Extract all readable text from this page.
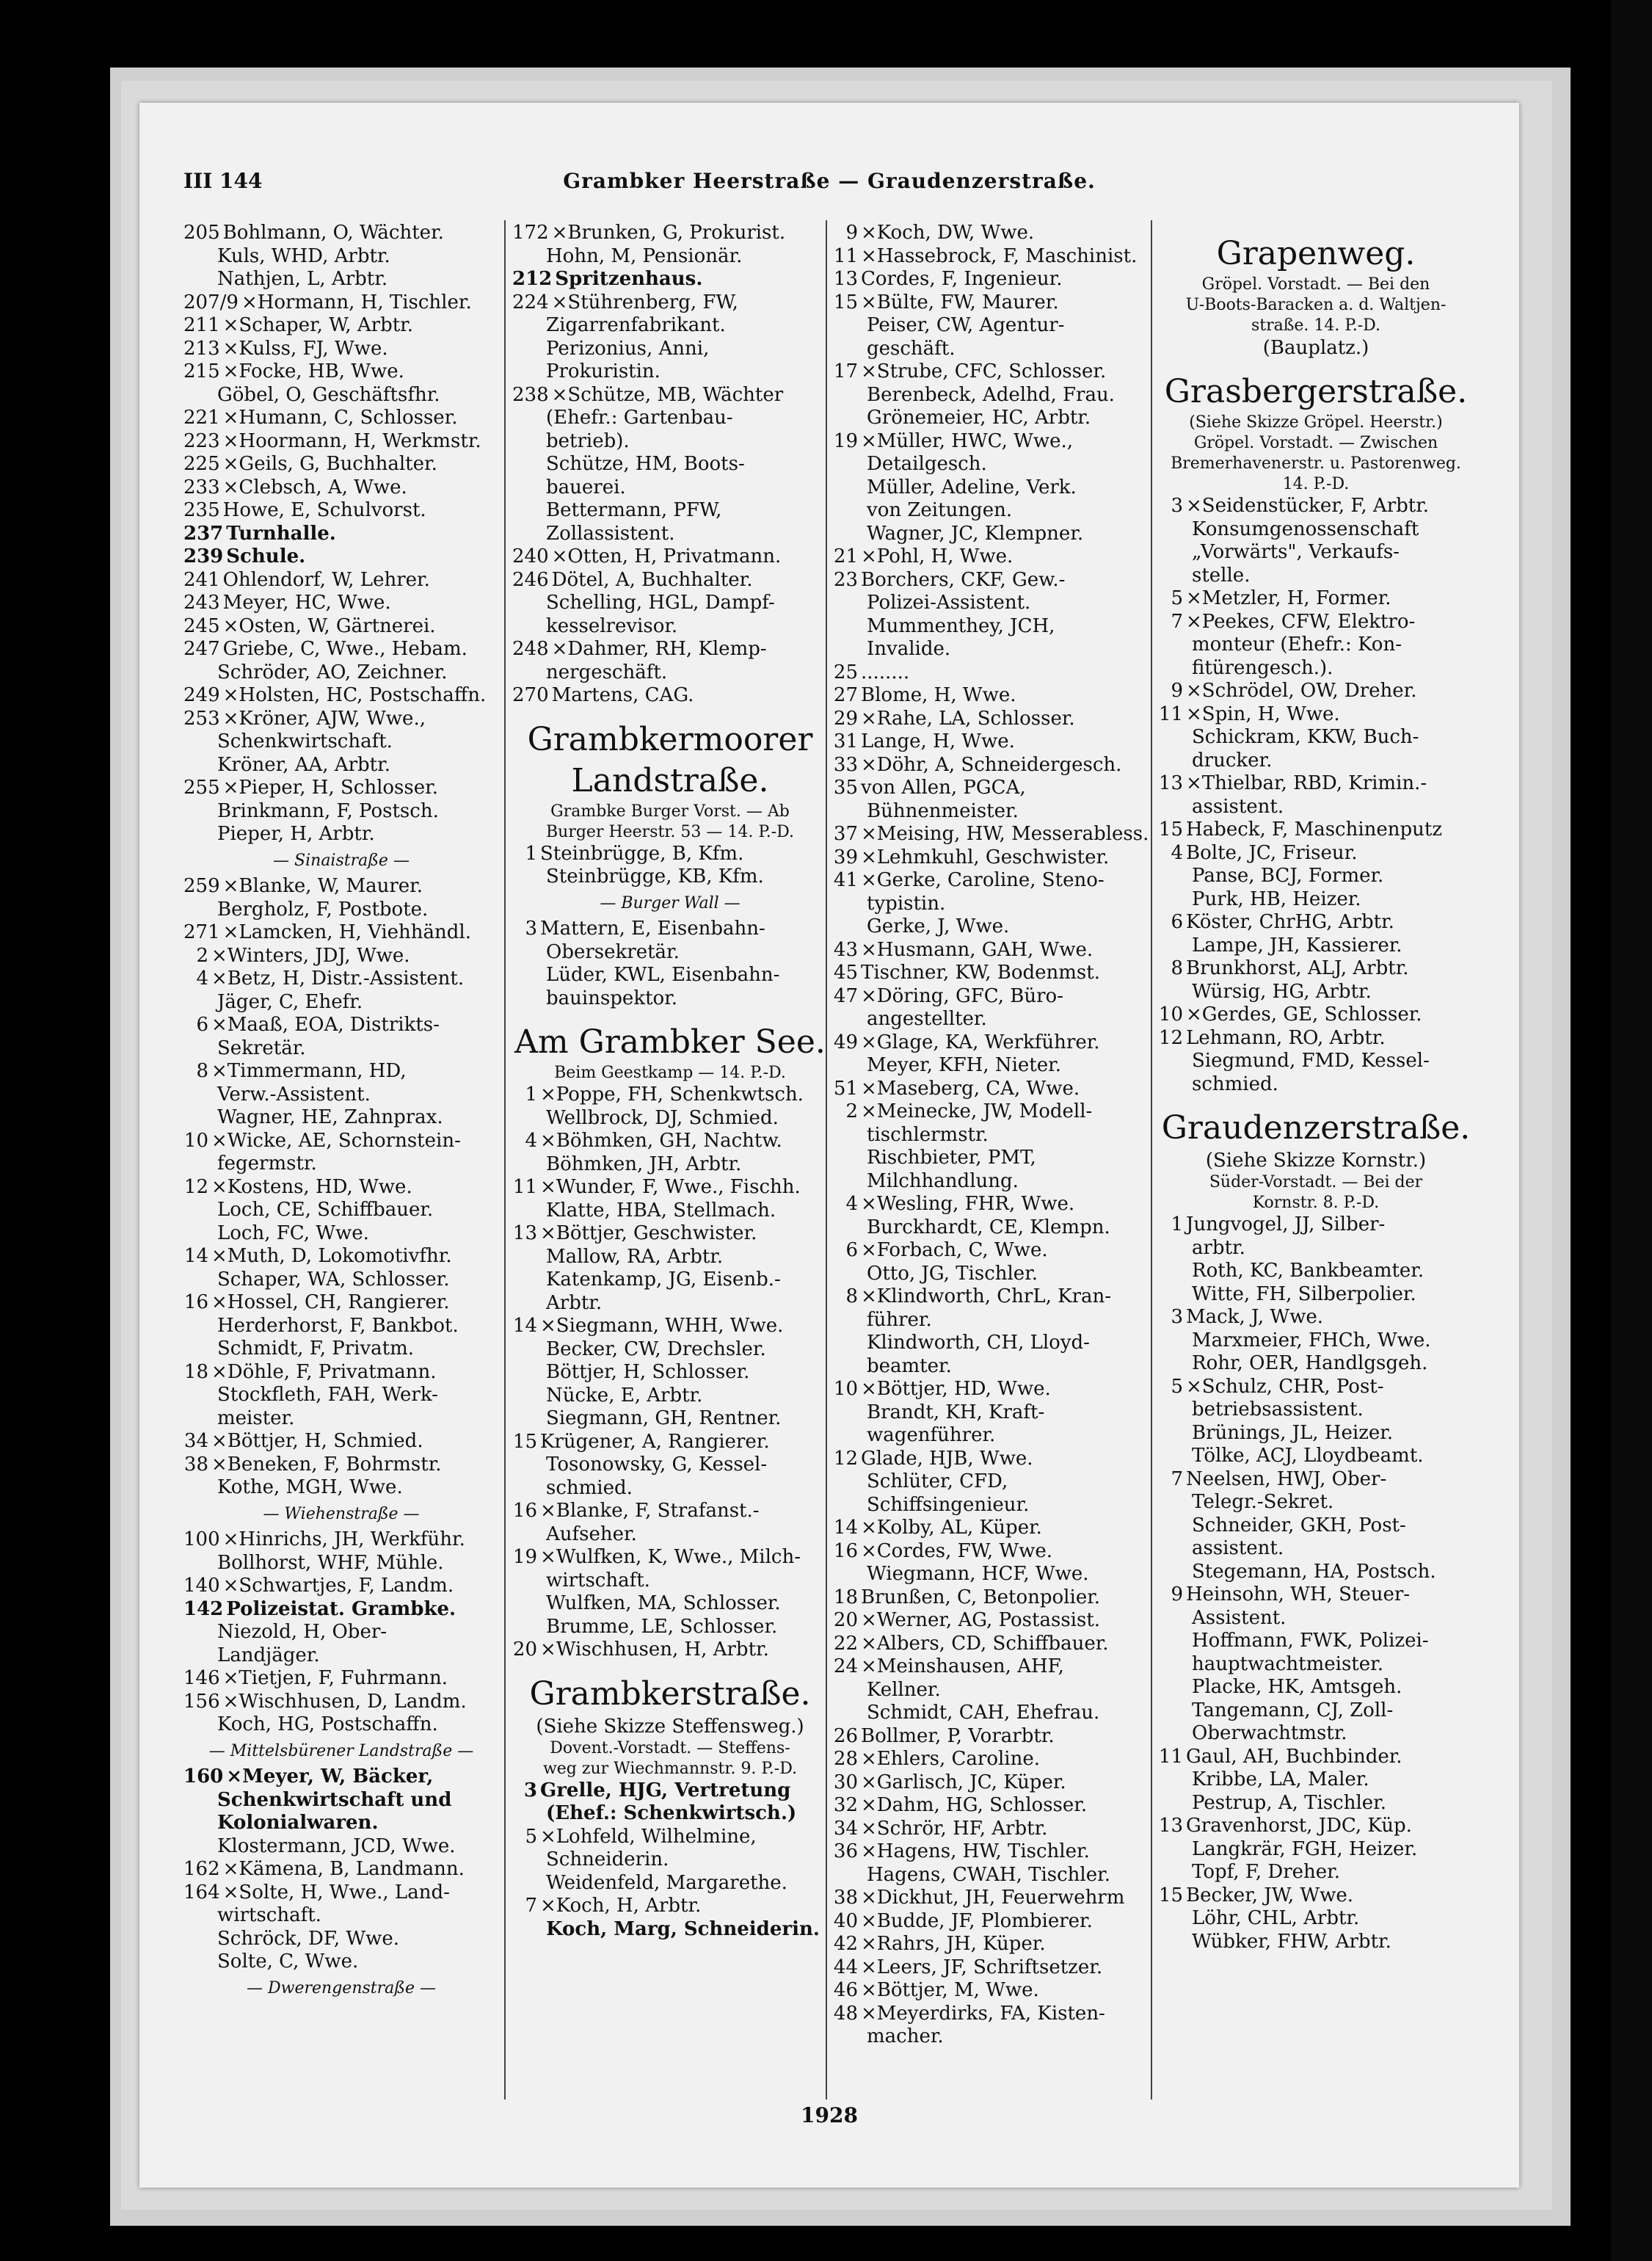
III 144	Grambker Heerstraße — Graudenzerstraße.
205 Bohlmann, O, Wächter.
Kuls, WHD, Arbtr.
Nathjen, L, Arbtr.
207/9 ×Hormann, H, Tischler.
211 ×Schaper, W, Arbtr.
213 ×Kulss, FJ, Wwe.
215 ×Focke, HB, Wwe.
Göbel, O, Geschäftsfhr.
221 ×Humann, C, Schlosser.
223 ×Hoormann, H, Werkmstr.
225 ×Geils, G, Buchhalter.
233 ×Clebsch, A, Wwe.
235 Howe, E, Schulvorst.
237 Turnhalle.
239 Schule.
241 Ohlendorf, W, Lehrer.
243 Meyer, HC, Wwe.
245 ×Osten, W, Gärtnerei.
247 Griebe, C, Wwe., Hebam.
Schröder, AO, Zeichner.
249 ×Holsten, HC, Postschaffn.
253 ×Kröner, AJW, Wwe.,
Schenkwirtschaft.
Kröner, AA, Arbtr.
255 ×Pieper, H, Schlosser.
Brinkmann, F, Postsch.
Pieper, H, Arbtr.
— Sinaistraße —
259 ×Blanke, W, Maurer.
Bergholz, F, Postbote.
271 ×Lamcken, H, Viehhändl.
2 ×Winters, JDJ, Wwe.
4 ×Betz, H, Distr.-Assistent.
Jäger, C, Ehefr.
6 ×Maaß, EOA, Distrikts-
Sekretär.
8 ×Timmermann, HD,
Verw.-Assistent.
Wagner, HE, Zahnprax.
10 ×Wicke, AE, Schornstein-
fegermstr.
12 ×Kostens, HD, Wwe.
Loch, CE, Schiffbauer.
Loch, FC, Wwe.
14 ×Muth, D, Lokomotivfhr.
Schaper, WA, Schlosser.
16 ×Hossel, CH, Rangierer.
Herderhorst, F, Bankbot.
Schmidt, F, Privatm.
18 ×Döhle, F, Privatmann.
Stockfleth, FAH, Werk-
meister.
34 ×Böttjer, H, Schmied.
38 ×Beneken, F, Bohrmstr.
Kothe, MGH, Wwe.
— Wiehenstraße —
100 ×Hinrichs, JH, Werkführ.
Bollhorst, WHF, Mühle.
140 ×Schwartjes, F, Landm.
142 Polizeistat. Grambke.
Niezold, H, Ober-
Landjäger.
146 ×Tietjen, F, Fuhrmann.
156 ×Wischhusen, D, Landm.
Koch, HG, Postschaffn.
— Mittelsbürener Landstraße —
160 ×Meyer, W, Bäcker,
Schenkwirtschaft und
Kolonialwaren.
Klostermann, JCD, Wwe.
162 ×Kämena, B, Landmann.
164 ×Solte, H, Wwe., Land-
wirtschaft.
Schröck, DF, Wwe.
Solte, C, Wwe.
— Dwerengenstraße —
172 ×Brunken, G, Prokurist.
Hohn, M, Pensionär.
212 Spritzenhaus.
224 ×Stührenberg, FW,
Zigarrenfabrikant.
Perizonius, Anni,
Prokuristin.
238 ×Schütze, MB, Wächter
(Ehefr.: Gartenbau-
betrieb).
Schütze, HM, Boots-
bauerei.
Bettermann, PFW,
Zollassistent.
240 ×Otten, H, Privatmann.
246 Dötel, A, Buchhalter.
Schelling, HGL, Dampf-
kesselrevisor.
248 ×Dahmer, RH, Klemp-
nergeschäft.
270 Martens, CAG.
Grambkermoorer
Landstraße.
Grambke Burger Vorst. — Ab
Burger Heerstr. 53 — 14. P.-D.
1 Steinbrügge, B, Kfm.
Steinbrügge, KB, Kfm.
— Burger Wall —
3 Mattern, E, Eisenbahn-
Obersekretär.
Lüder, KWL, Eisenbahn-
bauinspektor.
Am Grambker See.
Beim Geestkamp — 14. P.-D.
1 ×Poppe, FH, Schenkwtsch.
Wellbrock, DJ, Schmied.
4 ×Böhmken, GH, Nachtw.
Böhmken, JH, Arbtr.
11 ×Wunder, F, Wwe., Fischh.
Klatte, HBA, Stellmach.
13 ×Böttjer, Geschwister.
Mallow, RA, Arbtr.
Katenkamp, JG, Eisenb.-
Arbtr.
14 ×Siegmann, WHH, Wwe.
Becker, CW, Drechsler.
Böttjer, H, Schlosser.
Nücke, E, Arbtr.
Siegmann, GH, Rentner.
15 Krügener, A, Rangierer.
Tosonowsky, G, Kessel-
schmied.
16 ×Blanke, F, Strafanst.-
Aufseher.
19 ×Wulfken, K, Wwe., Milch-
wirtschaft.
Wulfken, MA, Schlosser.
Brumme, LE, Schlosser.
20 ×Wischhusen, H, Arbtr.
Grambkerstraße.
(Siehe Skizze Steffensweg.)
Dovent.-Vorstadt. — Steffens-
weg zur Wiechmannstr. 9. P.-D.
3 Grelle, HJG, Vertretung
(Ehef.: Schenkwirtsch.)
5 ×Lohfeld, Wilhelmine,
Schneiderin.
Weidenfeld, Margarethe.
7 ×Koch, H, Arbtr.
Koch, Marg, Schneiderin.
9 ×Koch, DW, Wwe.
11 ×Hassebrock, F, Maschinist.
13 Cordes, F, Ingenieur.
15 ×Bülte, FW, Maurer.
Peiser, CW, Agentur-
geschäft.
17 ×Strube, CFC, Schlosser.
Berenbeck, Adelhd, Frau.
Grönemeier, HC, Arbtr.
19 ×Müller, HWC, Wwe.,
Detailgesch.
Müller, Adeline, Verk.
von Zeitungen.
Wagner, JC, Klempner.
21 ×Pohl, H, Wwe.
23 Borchers, CKF, Gew.-
Polizei-Assistent.
Mummenthey, JCH,
Invalide.
25 ........
27 Blome, H, Wwe.
29 ×Rahe, LA, Schlosser.
31 Lange, H, Wwe.
33 ×Döhr, A, Schneidergesch.
35 von Allen, PGCA,
Bühnenmeister.
37 ×Meising, HW, Messerabless.
39 ×Lehmkuhl, Geschwister.
41 ×Gerke, Caroline, Steno-
typistin.
Gerke, J, Wwe.
43 ×Husmann, GAH, Wwe.
45 Tischner, KW, Bodenmst.
47 ×Döring, GFC, Büro-
angestellter.
49 ×Glage, KA, Werkführer.
Meyer, KFH, Nieter.
51 ×Maseberg, CA, Wwe.
2 ×Meinecke, JW, Modell-
tischlermstr.
Rischbieter, PMT,
Milchhandlung.
4 ×Wesling, FHR, Wwe.
Burckhardt, CE, Klempn.
6 ×Forbach, C, Wwe.
Otto, JG, Tischler.
8 ×Klindworth, ChrL, Kran-
führer.
Klindworth, CH, Lloyd-
beamter.
10 ×Böttjer, HD, Wwe.
Brandt, KH, Kraft-
wagenführer.
12 Glade, HJB, Wwe.
Schlüter, CFD,
Schiffsingenieur.
14 ×Kolby, AL, Küper.
16 ×Cordes, FW, Wwe.
Wiegmann, HCF, Wwe.
18 Brunßen, C, Betonpolier.
20 ×Werner, AG, Postassist.
22 ×Albers, CD, Schiffbauer.
24 ×Meinshausen, AHF,
Kellner.
Schmidt, CAH, Ehefrau.
26 Bollmer, P, Vorarbtr.
28 ×Ehlers, Caroline.
30 ×Garlisch, JC, Küper.
32 ×Dahm, HG, Schlosser.
34 ×Schrör, HF, Arbtr.
36 ×Hagens, HW, Tischler.
Hagens, CWAH, Tischler.
38 ×Dickhut, JH, Feuerwehrm
40 ×Budde, JF, Plombierer.
42 ×Rahrs, JH, Küper.
44 ×Leers, JF, Schriftsetzer.
46 ×Böttjer, M, Wwe.
48 ×Meyerdirks, FA, Kisten-
macher.
Grapenweg.
Gröpel. Vorstadt. — Bei den
U-Boots-Baracken a. d. Waltjen-
straße. 14. P.-D.
(Bauplatz.)
Grasbergerstraße.
(Siehe Skizze Gröpel. Heerstr.)
Gröpel. Vorstadt. — Zwischen
Bremerhavenerstr. u. Pastorenweg.
14. P.-D.
3 ×Seidenstücker, F, Arbtr.
Konsumgenossenschaft
„Vorwärts", Verkaufs-
stelle.
5 ×Metzler, H, Former.
7 ×Peekes, CFW, Elektro-
monteur (Ehefr.: Kon-
fitürengesch.).
9 ×Schrödel, OW, Dreher.
11 ×Spin, H, Wwe.
Schickram, KKW, Buch-
drucker.
13 ×Thielbar, RBD, Krimin.-
assistent.
15 Habeck, F, Maschinenputz
4 Bolte, JC, Friseur.
Panse, BCJ, Former.
Purk, HB, Heizer.
6 Köster, ChrHG, Arbtr.
Lampe, JH, Kassierer.
8 Brunkhorst, ALJ, Arbtr.
Würsig, HG, Arbtr.
10 ×Gerdes, GE, Schlosser.
12 Lehmann, RO, Arbtr.
Siegmund, FMD, Kessel-
schmied.
Graudenzerstraße.
(Siehe Skizze Kornstr.)
Süder-Vorstadt. — Bei der
Kornstr. 8. P.-D.
1 Jungvogel, JJ, Silber-
arbtr.
Roth, KC, Bankbeamter.
Witte, FH, Silberpolier.
3 Mack, J, Wwe.
Marxmeier, FHCh, Wwe.
Rohr, OER, Handlgsgeh.
5 ×Schulz, CHR, Post-
betriebsassistent.
Brünings, JL, Heizer.
Tölke, ACJ, Lloydbeamt.
7 Neelsen, HWJ, Ober-
Telegr.-Sekret.
Schneider, GKH, Post-
assistent.
Stegemann, HA, Postsch.
9 Heinsohn, WH, Steuer-
Assistent.
Hoffmann, FWK, Polizei-
hauptwachtmeister.
Placke, HK, Amtsgeh.
Tangemann, CJ, Zoll-
Oberwachtmstr.
11 Gaul, AH, Buchbinder.
Kribbe, LA, Maler.
Pestrup, A, Tischler.
13 Gravenhorst, JDC, Küp.
Langkrär, FGH, Heizer.
Topf, F, Dreher.
15 Becker, JW, Wwe.
Löhr, CHL, Arbtr.
Wübker, FHW, Arbtr.
1928
